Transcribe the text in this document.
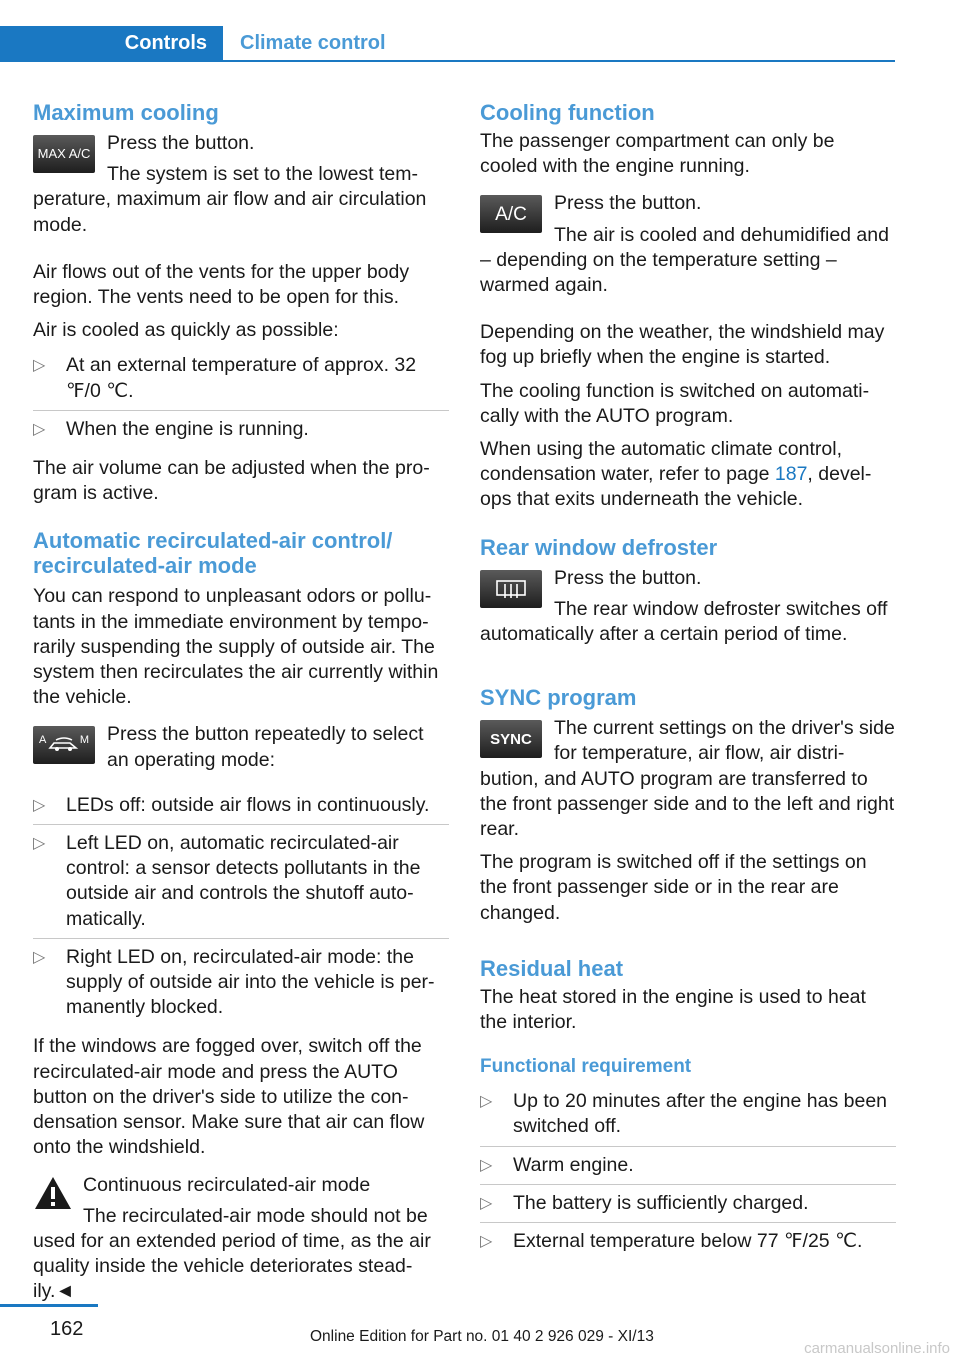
Controls Climate control
Maximum cooling
MAX A/C Press the button.

The system is set to the lowest tem‐perature, maximum air flow and air circulation mode.

Air flows out of the vents for the upper body region. The vents need to be open for this.

Air is cooled as quickly as possible:

▷ At an external temperature of approx. 32 ℉/0 ℃.
▷ When the engine is running.

The air volume can be adjusted when the pro‐gram is active.

Automatic recirculated-air control/ recirculated-air mode

You can respond to unpleasant odors or pollu‐tants in the immediate environment by tempo‐rarily suspending the supply of outside air. The system then recirculates the air currently within the vehicle.

A	M Press the button repeatedly to select an operating mode:

▷ LEDs off: outside air flows in continuously.
▷ Left LED on, automatic recirculated-air control: a sensor detects pollutants in the outside air and controls the shutoff auto‐matically.
▷ Right LED on, recirculated-air mode: the supply of outside air into the vehicle is per‐manently blocked.

If the windows are fogged over, switch off the recirculated-air mode and press the AUTO button on the driver's side to utilize the con‐densation sensor. Make sure that air can flow onto the windshield.

Continuous recirculated-air mode

The recirculated-air mode should not be used for an extended period of time, as the air quality inside the vehicle deteriorates stead‐ily.◄

Cooling function

The passenger compartment can only be cooled with the engine running.

A/C	Press the button.

The air is cooled and dehumidified and – depending on the temperature setting – warmed again.

Depending on the weather, the windshield may fog up briefly when the engine is started.

The cooling function is switched on automati‐cally with the AUTO program.

When using the automatic climate control, condensation water, refer to page 187, devel‐ops that exits underneath the vehicle.

Rear window defroster

Press the button.

The rear window defroster switches off automatically after a certain period of time.

SYNC program
SYNC	The current settings on the driver's side for temperature, air flow, air distri‐bution, and AUTO program are transferred to the front passenger side and to the left and right rear.

The program is switched off if the settings on the front passenger side or in the rear are changed.

Residual heat

The heat stored in the engine is used to heat the interior.

Functional requirement
▷ Up to 20 minutes after the engine has been switched off.
▷ Warm engine.
▷ The battery is sufficiently charged.
▷ External temperature below 77 ℉/25 ℃.
162	Online Edition for Part no. 01 40 2 926 029 - XI/13
carmanualsonline.info
